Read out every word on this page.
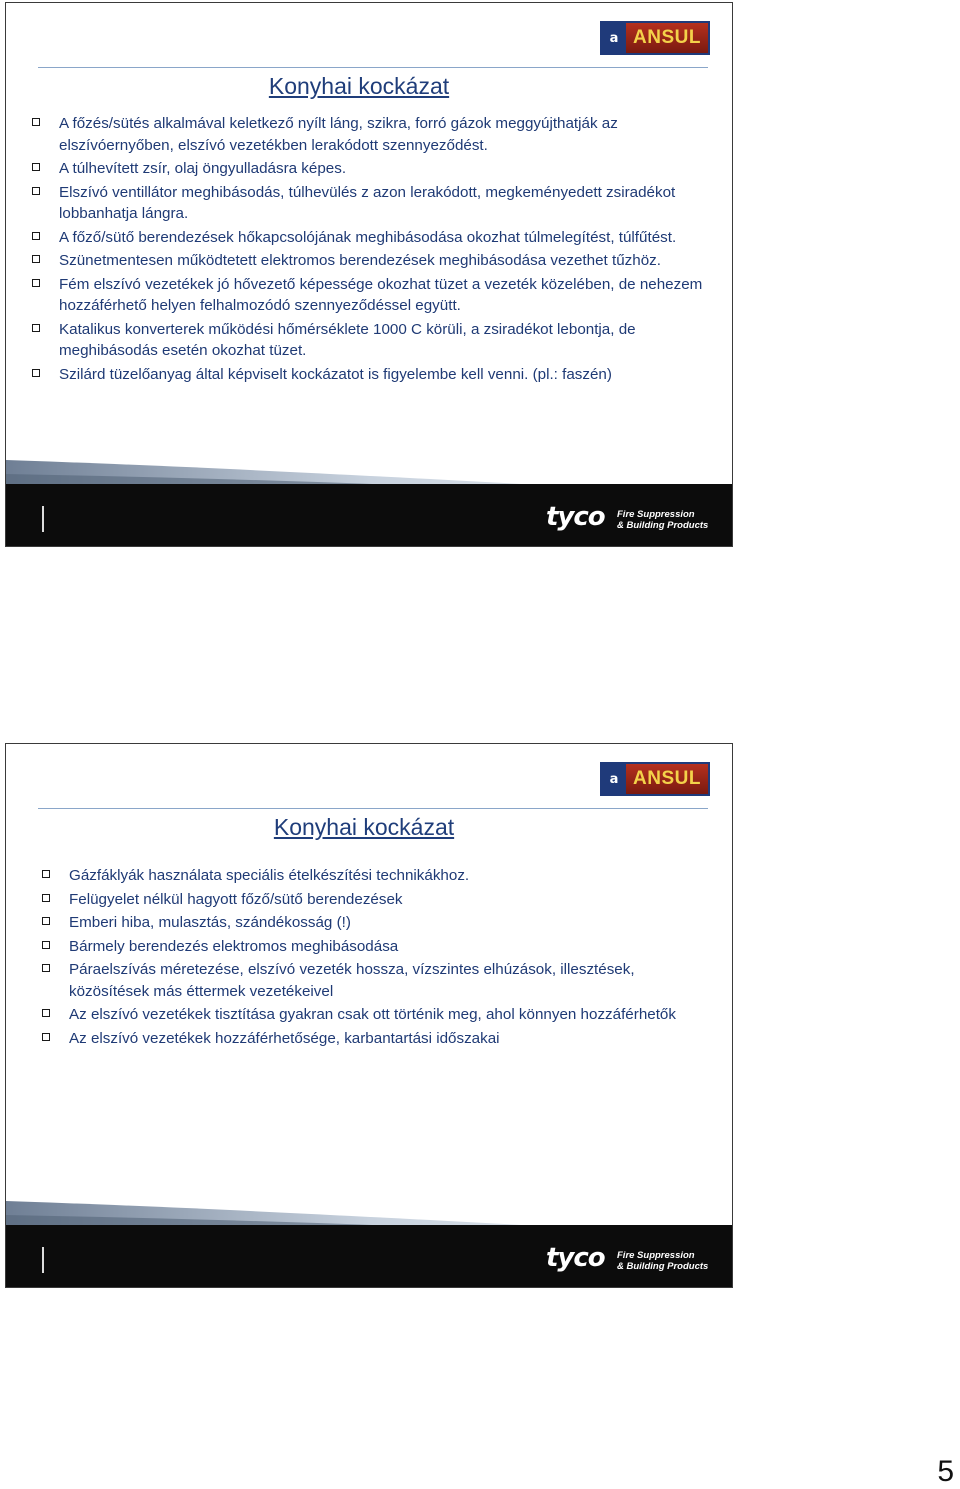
a ANSUL
Konyhai kockázat
A főzés/sütés alkalmával keletkező nyílt láng, szikra, forró gázok meggyújthatják az elszívóernyőben, elszívó vezetékben lerakódott szennyeződést.
A túlhevített zsír, olaj öngyulladásra képes.
Elszívó ventillátor meghibásodás, túlhevülés z azon lerakódott, megkeményedett zsiradékot lobbanhatja lángra.
A főző/sütő berendezések hőkapcsolójának meghibásodása okozhat túlmelegítést, túlfűtést.
Szünetmentesen működtetett elektromos berendezések meghibásodása vezethet tűzhöz.
Fém elszívó vezetékek jó hővezető képessége okozhat tüzet a vezeték közelében, de nehezem hozzáférhető helyen felhalmozódó szennyeződéssel együtt.
Katalikus konverterek működési hőmérséklete 1000 C körüli, a zsiradékot lebontja, de meghibásodás esetén okozhat tüzet.
Szilárd tüzelőanyag által képviselt kockázatot is figyelembe kell venni. (pl.: faszén)
tyco Fire Suppression
& Building Products
a ANSUL
Konyhai kockázat
Gázfáklyák használata speciális ételkészítési technikákhoz.
Felügyelet nélkül hagyott főző/sütő berendezések
Emberi hiba, mulasztás, szándékosság (!)
Bármely berendezés elektromos meghibásodása
Páraelszívás méretezése, elszívó vezeték hossza, vízszintes elhúzások, illesztések, közösítések más éttermek vezetékeivel
Az elszívó vezetékek tisztítása gyakran csak ott történik meg, ahol könnyen hozzáférhetők
Az elszívó vezetékek hozzáférhetősége, karbantartási időszakai
tyco Fire Suppression
& Building Products
5
